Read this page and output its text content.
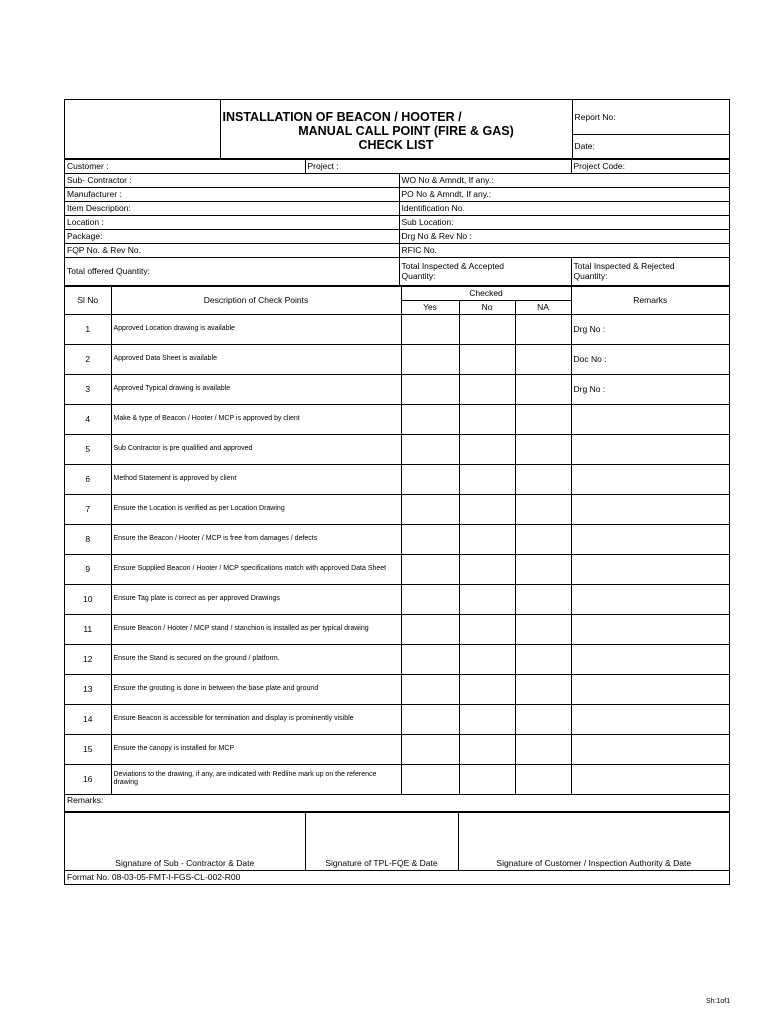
INSTALLATION OF BEACON / HOOTER /
MANUAL CALL POINT (FIRE & GAS)
CHECK LIST
	Report No:
Date:
Customer :	Project :		Project Code:
Sub- Contractor :		WO No & Amndt, If any.:	
Manufacturer :		PO No & Amndt, If any.:	
Item Description:		Identification No.	
Location :		Sub Location:	
Package:		Drg No & Rev No :	
FQP No. & Rev No.		RFIC No.	
Total offered Quantity:		Total Inspected & Accepted Quantity:	Total Inspected & Rejected Quantity:
Sl No	Description of Check Points	Checked			Remarks
		Yes	No	NA	
1	Approved Location drawing is available				Drg No :
2	Approved Data Sheet is available				Doc No :
3	Approved Typical drawing is available				Drg No :
4	Make & type of Beacon / Hooter / MCP is approved by client				
5	Sub Contractor is pre qualified and approved				
6	Method Statement is approved by client				
7	Ensure the Location is verified as per Location Drawing				
8	Ensure the Beacon / Hooter / MCP is free from damages / defects				
9	Ensure Supplied Beacon / Hooter / MCP specifications match with approved Data Sheet				
10	Ensure Tag plate is correct as per approved Drawings				
11	Ensure Beacon / Hooter / MCP stand / stanchion is installed as per typical drawing				
12	Ensure the Stand is secured on the ground / platform.				
13	Ensure the grouting is done in between the base plate and ground				
14	Ensure Beacon is accessible for termination and display is prominently visible				
15	Ensure the canopy is installed for MCP				
16	Deviations to the drawing, if any, are indicated with Redline mark up on the reference drawing				
Remarks:					
Signature of Sub - Contractor & Date	Signature of TPL-FQE & Date	Signature of Customer / Inspection Authority & Date
Format No. 08-03-05-FMT-I-FGS-CL-002-R00
Sh:1of1
